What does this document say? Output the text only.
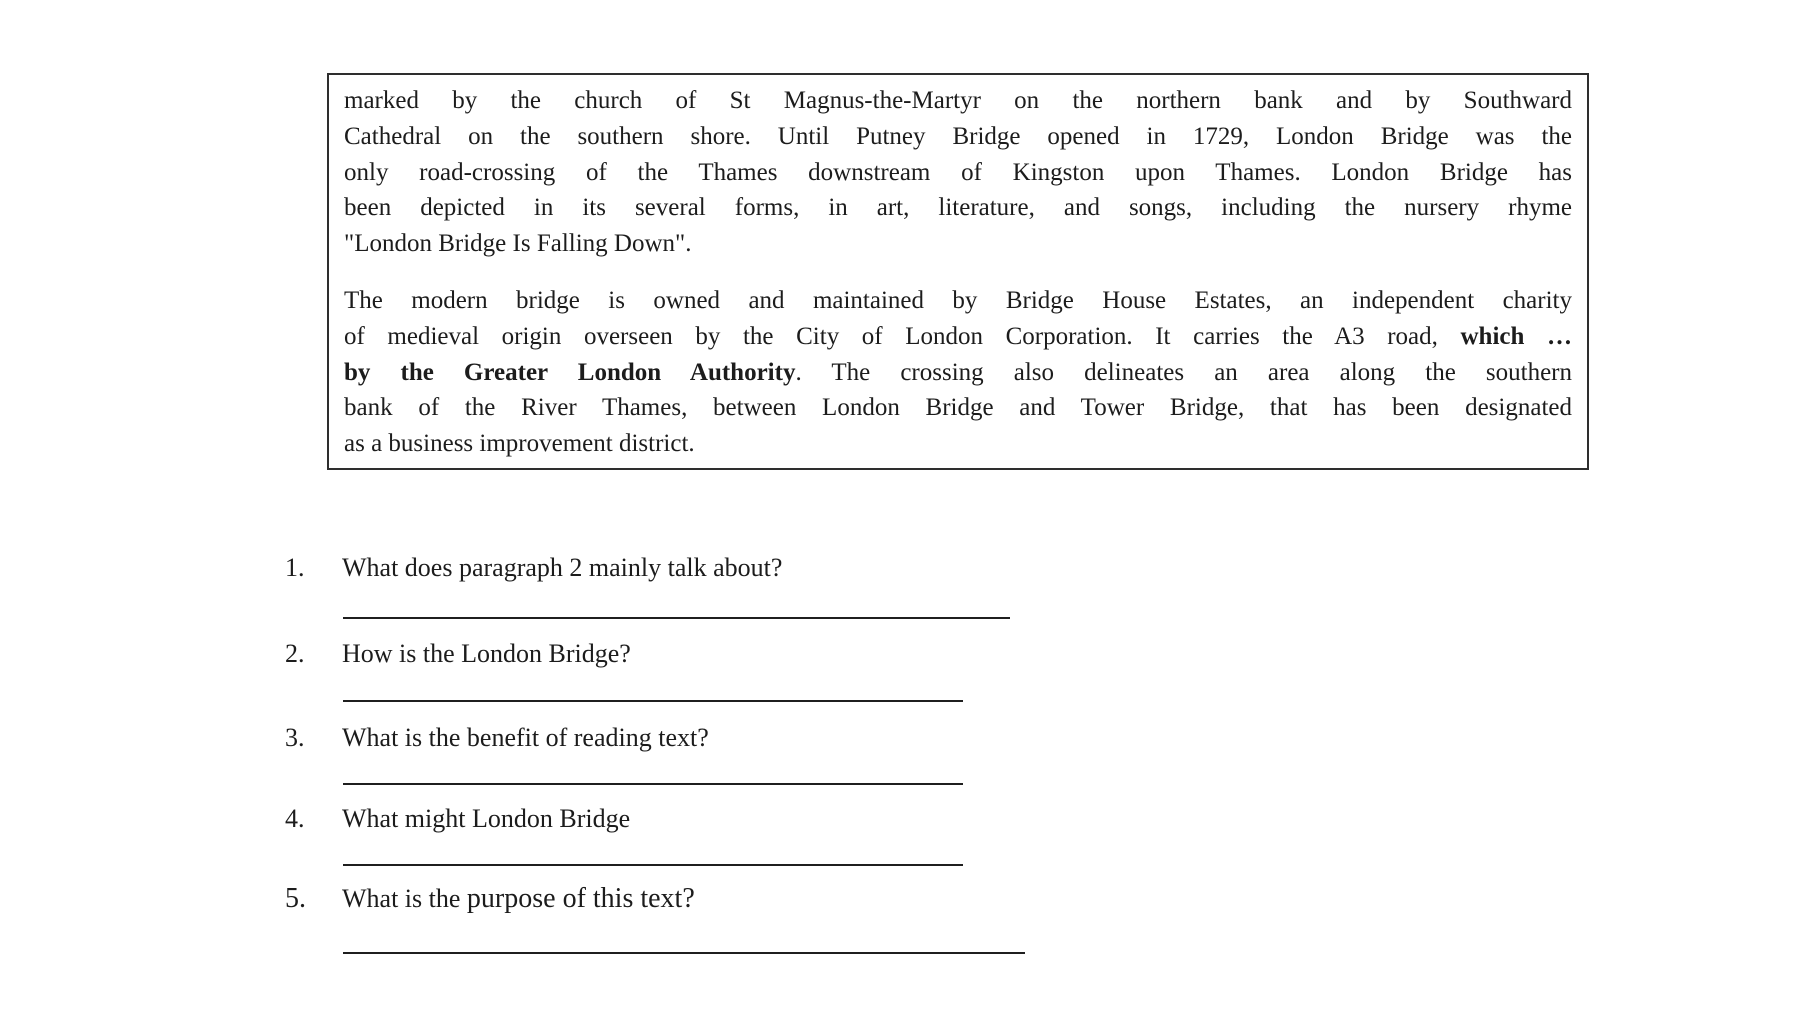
marked by the church of St Magnus-the-Martyr on the northern bank and by Southward
Cathedral on the southern shore. Until Putney Bridge opened in 1729, London Bridge was the
only road-crossing of the Thames downstream of Kingston upon Thames. London Bridge has
been depicted in its several forms, in art, literature, and songs, including the nursery rhyme
"London Bridge Is Falling Down".
The modern bridge is owned and maintained by Bridge House Estates, an independent charity
of medieval origin overseen by the City of London Corporation. It carries the A3 road, which …
by the Greater London Authority. The crossing also delineates an area along the southern
bank of the River Thames, between London Bridge and Tower Bridge, that has been designated
as a business improvement district.
1. What does paragraph 2 mainly talk about?
2. How is the London Bridge?
3. What is the benefit of reading text?
4. What might London Bridge
5. What is the purpose of this text?
